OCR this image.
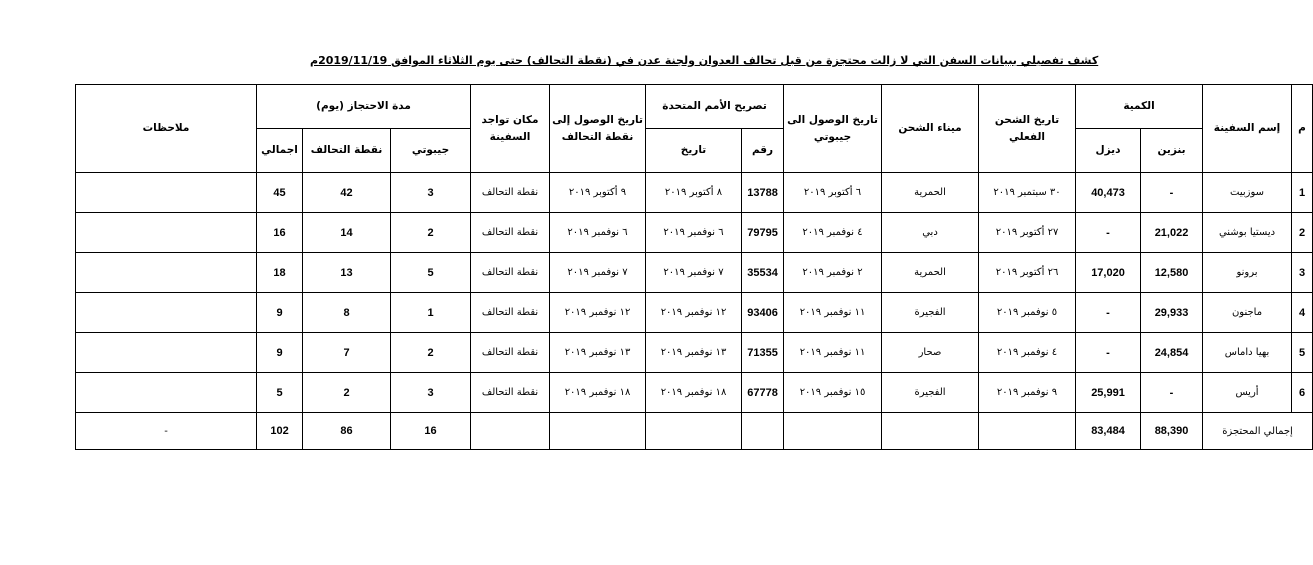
كشف تفصيلي ببيانات السفن التي لا زالت محتجزة من قبل تحالف العدوان ولجنة عدن في (نقطة التحالف) حتى يوم الثلاثاء الموافق 2019/11/19م
م	إسم السفينة	الكمية		تاريخ الشحن الفعلي	ميناء الشحن	تاريخ الوصول الى جيبوتي	تصريح الأمم المتحدة		تاريخ الوصول إلى نقطة التحالف	مكان تواجد السفينة	مدة الاحتجاز (يوم)			ملاحظات
							رقم	تاريخ			جيبوتي	نقطة التحالف	اجمالي	
		بنزين	ديزل											
1	سوزبيت	-	40,473	٣٠ سبتمبر ٢٠١٩	الحمرية	٦ أكتوبر ٢٠١٩	13788	٨ أكتوبر ٢٠١٩	٩ أكتوبر ٢٠١٩	نقطة التحالف	3	42	45	
2	ديستيا بوشني	21,022	-	٢٧ أكتوبر ٢٠١٩	دبي	٤ نوفمبر ٢٠١٩	79795	٦ نوفمبر ٢٠١٩	٦ نوفمبر ٢٠١٩	نقطة التحالف	2	14	16	
3	برونو	12,580	17,020	٢٦ أكتوبر ٢٠١٩	الحمرية	٢ نوفمبر ٢٠١٩	35534	٧ نوفمبر ٢٠١٩	٧ نوفمبر ٢٠١٩	نقطة التحالف	5	13	18	
4	ماجنون	29,933	-	٥ نوفمبر ٢٠١٩	الفجيرة	١١ نوفمبر ٢٠١٩	93406	١٢ نوفمبر ٢٠١٩	١٢ نوفمبر ٢٠١٩	نقطة التحالف	1	8	9	
5	بهيا داماس	24,854	-	٤ نوفمبر ٢٠١٩	صحار	١١ نوفمبر ٢٠١٩	71355	١٣ نوفمبر ٢٠١٩	١٣ نوفمبر ٢٠١٩	نقطة التحالف	2	7	9	
6	أريس	-	25,991	٩ نوفمبر ٢٠١٩	الفجيرة	١٥ نوفمبر ٢٠١٩	67778	١٨ نوفمبر ٢٠١٩	١٨ نوفمبر ٢٠١٩	نقطة التحالف	3	2	5	
إجمالي المحتجزة		88,390	83,484								16	86	102	-
